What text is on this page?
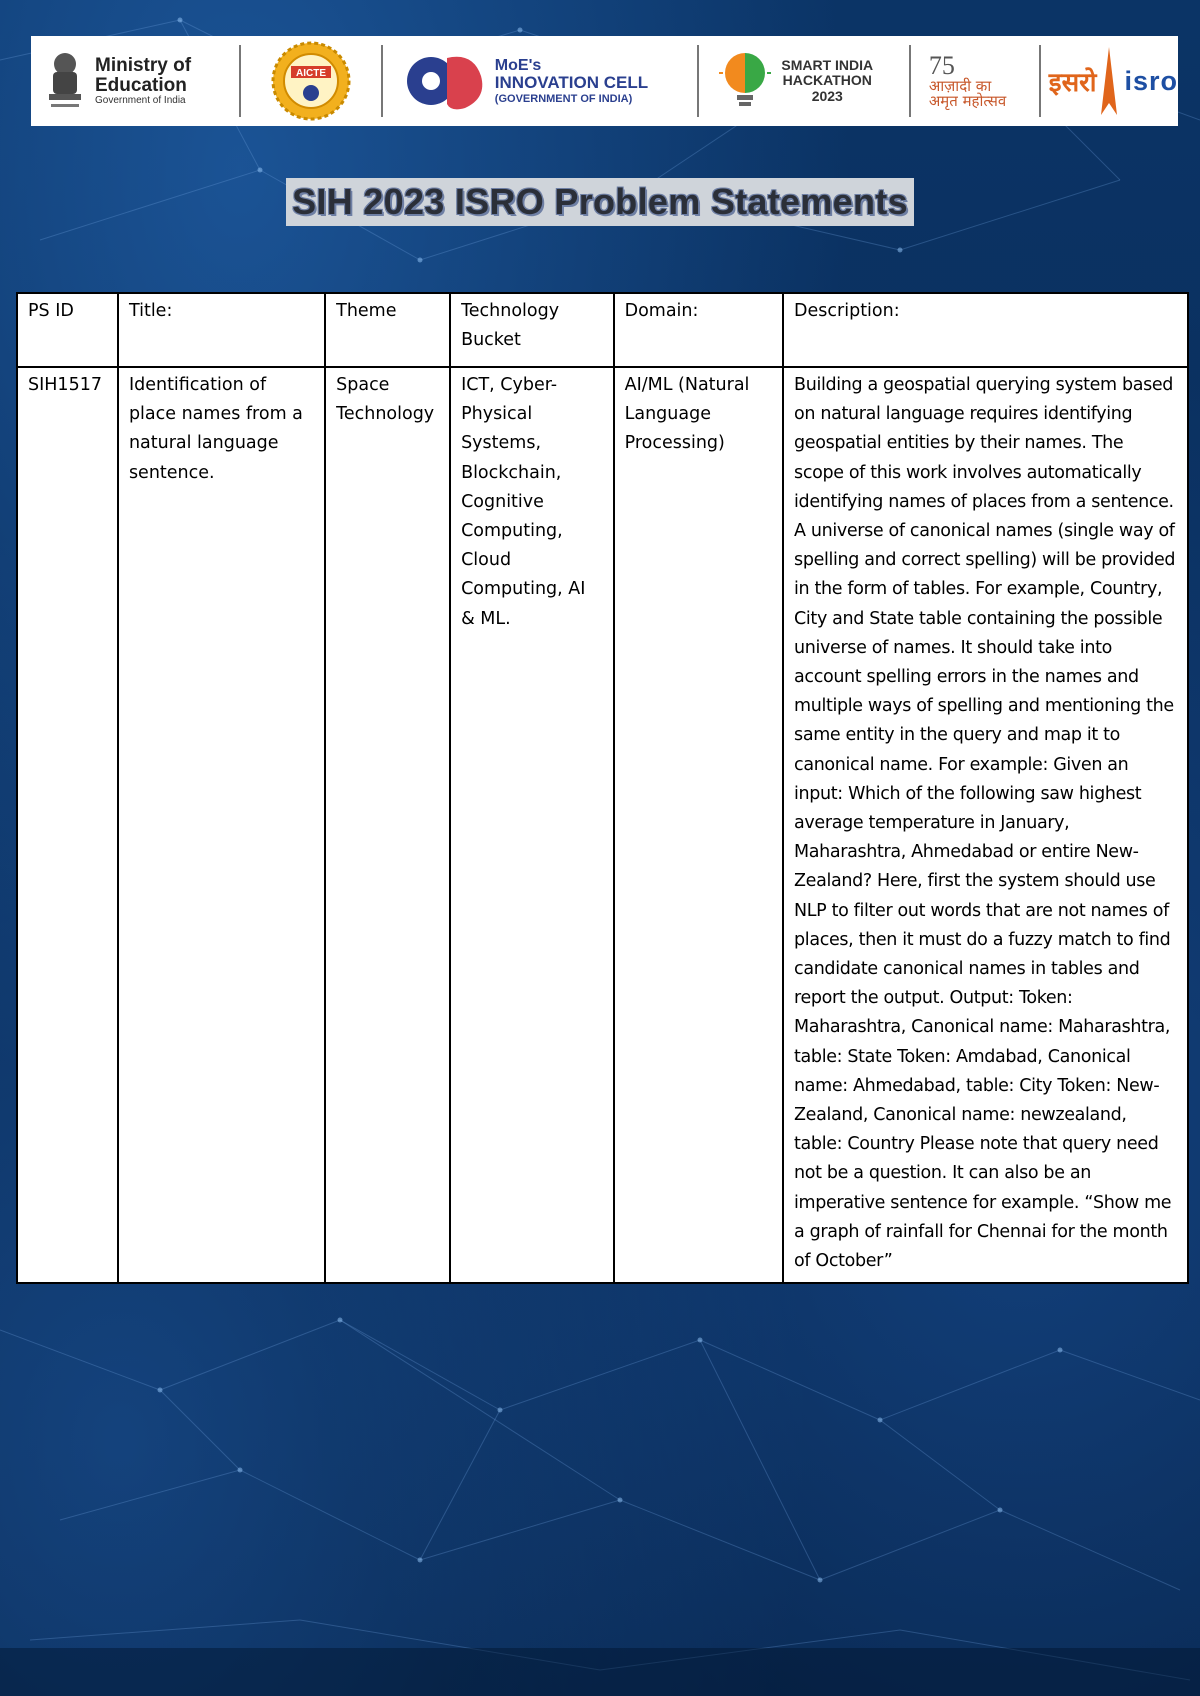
Ministry of
Education
Government of India
AICTE	MoE's
INNOVATION CELL
(GOVERNMENT OF INDIA)
SMART INDIA
HACKATHON
2023
75
आज़ादी का
अमृत महोत्सव
इसरो isro
SIH 2023 ISRO Problem Statements
PS ID	Title:	Theme	Technology Bucket	Domain:	Description:
SIH1517	Identification of place names from a natural language sentence.	Space Technology	ICT, Cyber-Physical Systems, Blockchain, Cognitive Computing, Cloud Computing, AI & ML.	AI/ML (Natural Language Processing)	Building a geospatial querying system based on natural language requires identifying geospatial entities by their names. The scope of this work involves automatically identifying names of places from a sentence. A universe of canonical names (single way of spelling and correct spelling) will be provided in the form of tables. For example, Country, City and State table containing the possible universe of names. It should take into account spelling errors in the names and multiple ways of spelling and mentioning the same entity in the query and map it to canonical name. For example: Given an input: Which of the following saw highest average temperature in January, Maharashtra, Ahmedabad or entire New-Zealand? Here, first the system should use NLP to filter out words that are not names of places, then it must do a fuzzy match to find candidate canonical names in tables and report the output. Output: Token: Maharashtra, Canonical name: Maharashtra, table: State Token: Amdabad, Canonical name: Ahmedabad, table: City Token: New-Zealand, Canonical name: newzealand, table: Country Please note that query need not be a question. It can also be an imperative sentence for example. “Show me a graph of rainfall for Chennai for the month of October”
